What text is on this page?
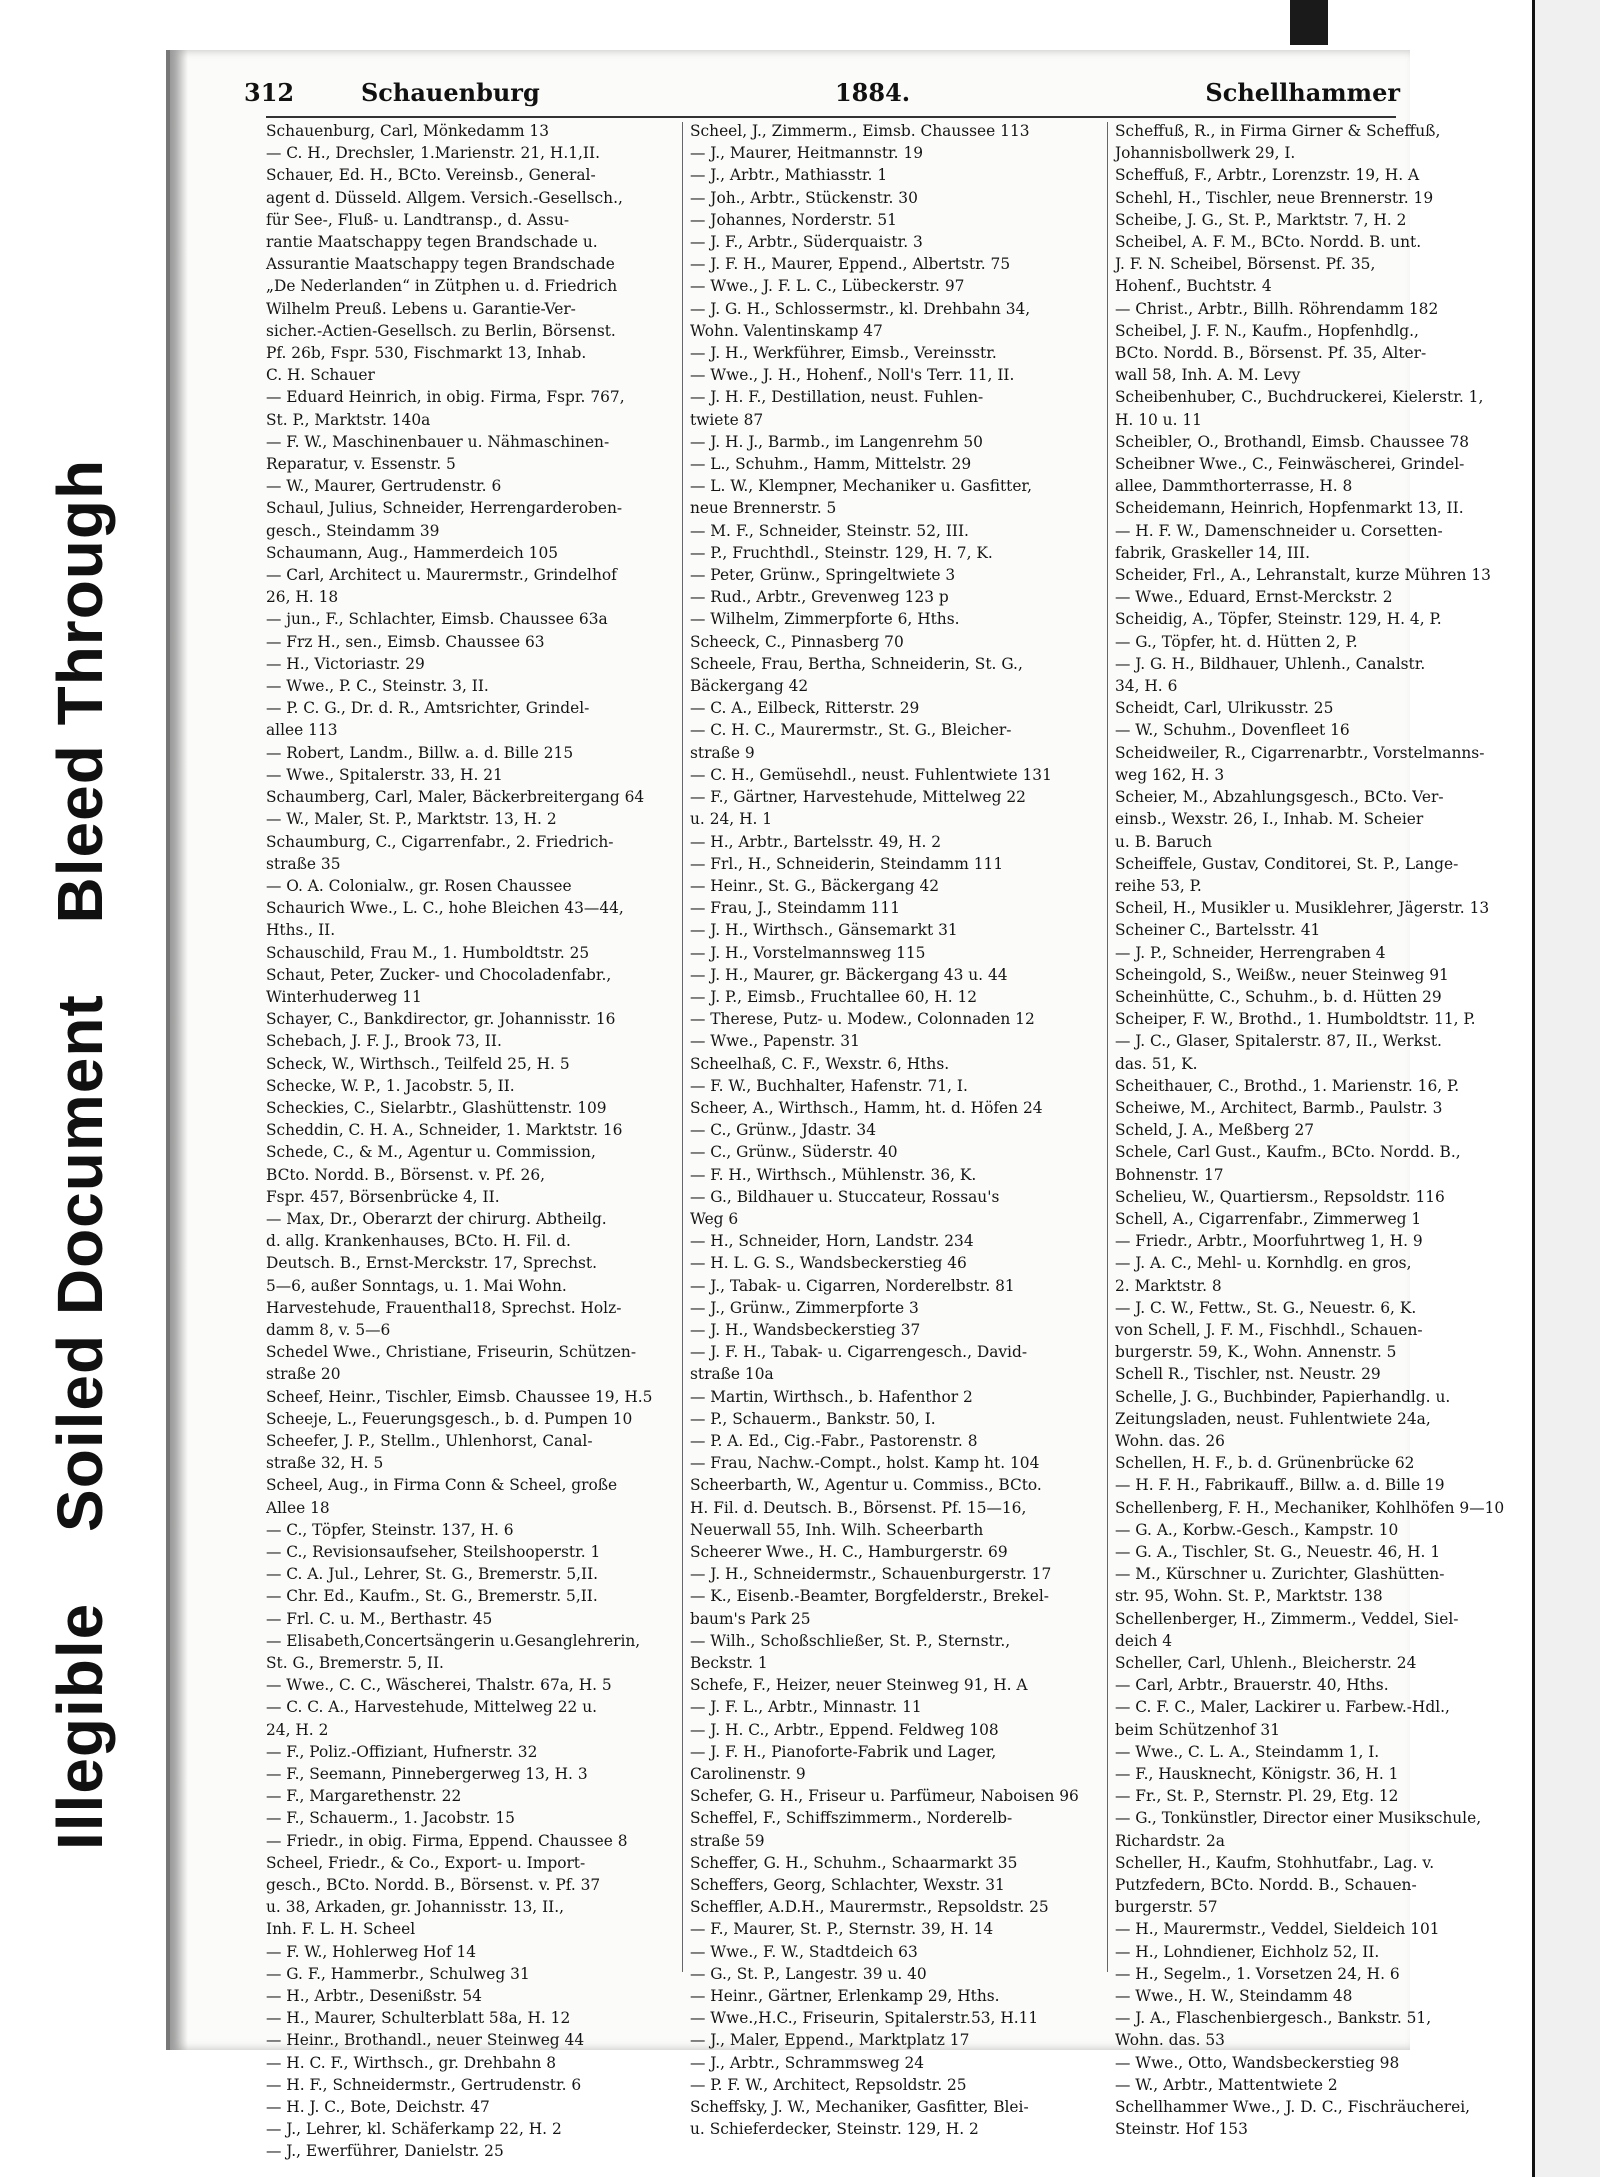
Illegible Soiled Document Bleed Through
312	Schauenburg	1884.	Schellhammer
Schauenburg, Carl, Mönkedamm 13
— C. H., Drechsler, 1.Marienstr. 21, H.1,II.
Schauer, Ed. H., BCto. Vereinsb., General-
agent d. Düsseld. Allgem. Versich.-Gesellsch.,
für See-, Fluß- u. Landtransp., d. Assu-
rantie Maatschappy tegen Brandschade u.
Assurantie Maatschappy tegen Brandschade
„De Nederlanden“ in Zütphen u. d. Friedrich
Wilhelm Preuß. Lebens u. Garantie-Ver-
sicher.-Actien-Gesellsch. zu Berlin, Börsenst.
Pf. 26b, Fspr. 530, Fischmarkt 13, Inhab.
C. H. Schauer
— Eduard Heinrich, in obig. Firma, Fspr. 767,
St. P., Marktstr. 140a
— F. W., Maschinenbauer u. Nähmaschinen-
Reparatur, v. Essenstr. 5
— W., Maurer, Gertrudenstr. 6
Schaul, Julius, Schneider, Herrengarderoben-
gesch., Steindamm 39
Schaumann, Aug., Hammerdeich 105
— Carl, Architect u. Maurermstr., Grindelhof
26, H. 18
— jun., F., Schlachter, Eimsb. Chaussee 63a
— Frz H., sen., Eimsb. Chaussee 63
— H., Victoriastr. 29
— Wwe., P. C., Steinstr. 3, II.
— P. C. G., Dr. d. R., Amtsrichter, Grindel-
allee 113
— Robert, Landm., Billw. a. d. Bille 215
— Wwe., Spitalerstr. 33, H. 21
Schaumberg, Carl, Maler, Bäckerbreitergang 64
— W., Maler, St. P., Marktstr. 13, H. 2
Schaumburg, C., Cigarrenfabr., 2. Friedrich-
straße 35
— O. A. Colonialw., gr. Rosen Chaussee
Schaurich Wwe., L. C., hohe Bleichen 43—44,
Hths., II.
Schauschild, Frau M., 1. Humboldtstr. 25
Schaut, Peter, Zucker- und Chocoladenfabr.,
Winterhuderweg 11
Schayer, C., Bankdirector, gr. Johannisstr. 16
Schebach, J. F. J., Brook 73, II.
Scheck, W., Wirthsch., Teilfeld 25, H. 5
Schecke, W. P., 1. Jacobstr. 5, II.
Scheckies, C., Sielarbtr., Glashüttenstr. 109
Scheddin, C. H. A., Schneider, 1. Marktstr. 16
Schede, C., & M., Agentur u. Commission,
BCto. Nordd. B., Börsenst. v. Pf. 26,
Fspr. 457, Börsenbrücke 4, II.
— Max, Dr., Oberarzt der chirurg. Abtheilg.
d. allg. Krankenhauses, BCto. H. Fil. d.
Deutsch. B., Ernst-Merckstr. 17, Sprechst.
5—6, außer Sonntags, u. 1. Mai Wohn.
Harvestehude, Frauenthal18, Sprechst. Holz-
damm 8, v. 5—6
Schedel Wwe., Christiane, Friseurin, Schützen-
straße 20
Scheef, Heinr., Tischler, Eimsb. Chaussee 19, H.5
Scheeje, L., Feuerungsgesch., b. d. Pumpen 10
Scheefer, J. P., Stellm., Uhlenhorst, Canal-
straße 32, H. 5
Scheel, Aug., in Firma Conn & Scheel, große
Allee 18
— C., Töpfer, Steinstr. 137, H. 6
— C., Revisionsaufseher, Steilshooperstr. 1
— C. A. Jul., Lehrer, St. G., Bremerstr. 5,II.
— Chr. Ed., Kaufm., St. G., Bremerstr. 5,II.
— Frl. C. u. M., Berthastr. 45
— Elisabeth,Concertsängerin u.Gesanglehrerin,
St. G., Bremerstr. 5, II.
— Wwe., C. C., Wäscherei, Thalstr. 67a, H. 5
— C. C. A., Harvestehude, Mittelweg 22 u.
24, H. 2
— F., Poliz.-Offiziant, Hufnerstr. 32
— F., Seemann, Pinnebergerweg 13, H. 3
— F., Margarethenstr. 22
— F., Schauerm., 1. Jacobstr. 15
— Friedr., in obig. Firma, Eppend. Chaussee 8
Scheel, Friedr., & Co., Export- u. Import-
gesch., BCto. Nordd. B., Börsenst. v. Pf. 37
u. 38, Arkaden, gr. Johannisstr. 13, II.,
Inh. F. L. H. Scheel
— F. W., Hohlerweg Hof 14
— G. F., Hammerbr., Schulweg 31
— H., Arbtr., Desenißstr. 54
— H., Maurer, Schulterblatt 58a, H. 12
— Heinr., Brothandl., neuer Steinweg 44
— H. C. F., Wirthsch., gr. Drehbahn 8
— H. F., Schneidermstr., Gertrudenstr. 6
— H. J. C., Bote, Deichstr. 47
— J., Lehrer, kl. Schäferkamp 22, H. 2
— J., Ewerführer, Danielstr. 25
Scheel, J., Zimmerm., Eimsb. Chaussee 113
— J., Maurer, Heitmannstr. 19
— J., Arbtr., Mathiasstr. 1
— Joh., Arbtr., Stückenstr. 30
— Johannes, Norderstr. 51
— J. F., Arbtr., Süderquaistr. 3
— J. F. H., Maurer, Eppend., Albertstr. 75
— Wwe., J. F. L. C., Lübeckerstr. 97
— J. G. H., Schlossermstr., kl. Drehbahn 34,
Wohn. Valentinskamp 47
— J. H., Werkführer, Eimsb., Vereinsstr.
— Wwe., J. H., Hohenf., Noll's Terr. 11, II.
— J. H. F., Destillation, neust. Fuhlen-
twiete 87
— J. H. J., Barmb., im Langenrehm 50
— L., Schuhm., Hamm, Mittelstr. 29
— L. W., Klempner, Mechaniker u. Gasfitter,
neue Brennerstr. 5
— M. F., Schneider, Steinstr. 52, III.
— P., Fruchthdl., Steinstr. 129, H. 7, K.
— Peter, Grünw., Springeltwiete 3
— Rud., Arbtr., Grevenweg 123 p
— Wilhelm, Zimmerpforte 6, Hths.
Scheeck, C., Pinnasberg 70
Scheele, Frau, Bertha, Schneiderin, St. G.,
Bäckergang 42
— C. A., Eilbeck, Ritterstr. 29
— C. H. C., Maurermstr., St. G., Bleicher-
straße 9
— C. H., Gemüsehdl., neust. Fuhlentwiete 131
— F., Gärtner, Harvestehude, Mittelweg 22
u. 24, H. 1
— H., Arbtr., Bartelsstr. 49, H. 2
— Frl., H., Schneiderin, Steindamm 111
— Heinr., St. G., Bäckergang 42
— Frau, J., Steindamm 111
— J. H., Wirthsch., Gänsemarkt 31
— J. H., Vorstelmannsweg 115
— J. H., Maurer, gr. Bäckergang 43 u. 44
— J. P., Eimsb., Fruchtallee 60, H. 12
— Therese, Putz- u. Modew., Colonnaden 12
— Wwe., Papenstr. 31
Scheelhaß, C. F., Wexstr. 6, Hths.
— F. W., Buchhalter, Hafenstr. 71, I.
Scheer, A., Wirthsch., Hamm, ht. d. Höfen 24
— C., Grünw., Jdastr. 34
— C., Grünw., Süderstr. 40
— F. H., Wirthsch., Mühlenstr. 36, K.
— G., Bildhauer u. Stuccateur, Rossau's
Weg 6
— H., Schneider, Horn, Landstr. 234
— H. L. G. S., Wandsbeckerstieg 46
— J., Tabak- u. Cigarren, Norderelbstr. 81
— J., Grünw., Zimmerpforte 3
— J. H., Wandsbeckerstieg 37
— J. F. H., Tabak- u. Cigarrengesch., David-
straße 10a
— Martin, Wirthsch., b. Hafenthor 2
— P., Schauerm., Bankstr. 50, I.
— P. A. Ed., Cig.-Fabr., Pastorenstr. 8
— Frau, Nachw.-Compt., holst. Kamp ht. 104
Scheerbarth, W., Agentur u. Commiss., BCto.
H. Fil. d. Deutsch. B., Börsenst. Pf. 15—16,
Neuerwall 55, Inh. Wilh. Scheerbarth
Scheerer Wwe., H. C., Hamburgerstr. 69
— J. H., Schneidermstr., Schauenburgerstr. 17
— K., Eisenb.-Beamter, Borgfelderstr., Brekel-
baum's Park 25
— Wilh., Schoßschließer, St. P., Sternstr.,
Beckstr. 1
Schefe, F., Heizer, neuer Steinweg 91, H. A
— J. F. L., Arbtr., Minnastr. 11
— J. H. C., Arbtr., Eppend. Feldweg 108
— J. F. H., Pianoforte-Fabrik und Lager,
Carolinenstr. 9
Schefer, G. H., Friseur u. Parfümeur, Naboisen 96
Scheffel, F., Schiffszimmerm., Norderelb-
straße 59
Scheffer, G. H., Schuhm., Schaarmarkt 35
Scheffers, Georg, Schlachter, Wexstr. 31
Scheffler, A.D.H., Maurermstr., Repsoldstr. 25
— F., Maurer, St. P., Sternstr. 39, H. 14
— Wwe., F. W., Stadtdeich 63
— G., St. P., Langestr. 39 u. 40
— Heinr., Gärtner, Erlenkamp 29, Hths.
— Wwe.,H.C., Friseurin, Spitalerstr.53, H.11
— J., Maler, Eppend., Marktplatz 17
— J., Arbtr., Schrammsweg 24
— P. F. W., Architect, Repsoldstr. 25
Scheffsky, J. W., Mechaniker, Gasfitter, Blei-
u. Schieferdecker, Steinstr. 129, H. 2
Scheffuß, R., in Firma Girner & Scheffuß,
Johannisbollwerk 29, I.
Scheffuß, F., Arbtr., Lorenzstr. 19, H. A
Schehl, H., Tischler, neue Brennerstr. 19
Scheibe, J. G., St. P., Marktstr. 7, H. 2
Scheibel, A. F. M., BCto. Nordd. B. unt.
J. F. N. Scheibel, Börsenst. Pf. 35,
Hohenf., Buchtstr. 4
— Christ., Arbtr., Billh. Röhrendamm 182
Scheibel, J. F. N., Kaufm., Hopfenhdlg.,
BCto. Nordd. B., Börsenst. Pf. 35, Alter-
wall 58, Inh. A. M. Levy
Scheibenhuber, C., Buchdruckerei, Kielerstr. 1,
H. 10 u. 11
Scheibler, O., Brothandl, Eimsb. Chaussee 78
Scheibner Wwe., C., Feinwäscherei, Grindel-
allee, Dammthorterrasse, H. 8
Scheidemann, Heinrich, Hopfenmarkt 13, II.
— H. F. W., Damenschneider u. Corsetten-
fabrik, Graskeller 14, III.
Scheider, Frl., A., Lehranstalt, kurze Mühren 13
— Wwe., Eduard, Ernst-Merckstr. 2
Scheidig, A., Töpfer, Steinstr. 129, H. 4, P.
— G., Töpfer, ht. d. Hütten 2, P.
— J. G. H., Bildhauer, Uhlenh., Canalstr.
34, H. 6
Scheidt, Carl, Ulrikusstr. 25
— W., Schuhm., Dovenfleet 16
Scheidweiler, R., Cigarrenarbtr., Vorstelmanns-
weg 162, H. 3
Scheier, M., Abzahlungsgesch., BCto. Ver-
einsb., Wexstr. 26, I., Inhab. M. Scheier
u. B. Baruch
Scheiffele, Gustav, Conditorei, St. P., Lange-
reihe 53, P.
Scheil, H., Musikler u. Musiklehrer, Jägerstr. 13
Scheiner C., Bartelsstr. 41
— J. P., Schneider, Herrengraben 4
Scheingold, S., Weißw., neuer Steinweg 91
Scheinhütte, C., Schuhm., b. d. Hütten 29
Scheiper, F. W., Brothd., 1. Humboldtstr. 11, P.
— J. C., Glaser, Spitalerstr. 87, II., Werkst.
das. 51, K.
Scheithauer, C., Brothd., 1. Marienstr. 16, P.
Scheiwe, M., Architect, Barmb., Paulstr. 3
Scheld, J. A., Meßberg 27
Schele, Carl Gust., Kaufm., BCto. Nordd. B.,
Bohnenstr. 17
Schelieu, W., Quartiersm., Repsoldstr. 116
Schell, A., Cigarrenfabr., Zimmerweg 1
— Friedr., Arbtr., Moorfuhrtweg 1, H. 9
— J. A. C., Mehl- u. Kornhdlg. en gros,
2. Marktstr. 8
— J. C. W., Fettw., St. G., Neuestr. 6, K.
von Schell, J. F. M., Fischhdl., Schauen-
burgerstr. 59, K., Wohn. Annenstr. 5
Schell R., Tischler, nst. Neustr. 29
Schelle, J. G., Buchbinder, Papierhandlg. u.
Zeitungsladen, neust. Fuhlentwiete 24a,
Wohn. das. 26
Schellen, H. F., b. d. Grünenbrücke 62
— H. F. H., Fabrikauff., Billw. a. d. Bille 19
Schellenberg, F. H., Mechaniker, Kohlhöfen 9—10
— G. A., Korbw.-Gesch., Kampstr. 10
— G. A., Tischler, St. G., Neuestr. 46, H. 1
— M., Kürschner u. Zurichter, Glashütten-
str. 95, Wohn. St. P., Marktstr. 138
Schellenberger, H., Zimmerm., Veddel, Siel-
deich 4
Scheller, Carl, Uhlenh., Bleicherstr. 24
— Carl, Arbtr., Brauerstr. 40, Hths.
— C. F. C., Maler, Lackirer u. Farbew.-Hdl.,
beim Schützenhof 31
— Wwe., C. L. A., Steindamm 1, I.
— F., Hausknecht, Königstr. 36, H. 1
— Fr., St. P., Sternstr. Pl. 29, Etg. 12
— G., Tonkünstler, Director einer Musikschule,
Richardstr. 2a
Scheller, H., Kaufm, Stohhutfabr., Lag. v.
Putzfedern, BCto. Nordd. B., Schauen-
burgerstr. 57
— H., Maurermstr., Veddel, Sieldeich 101
— H., Lohndiener, Eichholz 52, II.
— H., Segelm., 1. Vorsetzen 24, H. 6
— Wwe., H. W., Steindamm 48
— J. A., Flaschenbiergesch., Bankstr. 51,
Wohn. das. 53
— Wwe., Otto, Wandsbeckerstieg 98
— W., Arbtr., Mattentwiete 2
Schellhammer Wwe., J. D. C., Fischräucherei,
Steinstr. Hof 153
